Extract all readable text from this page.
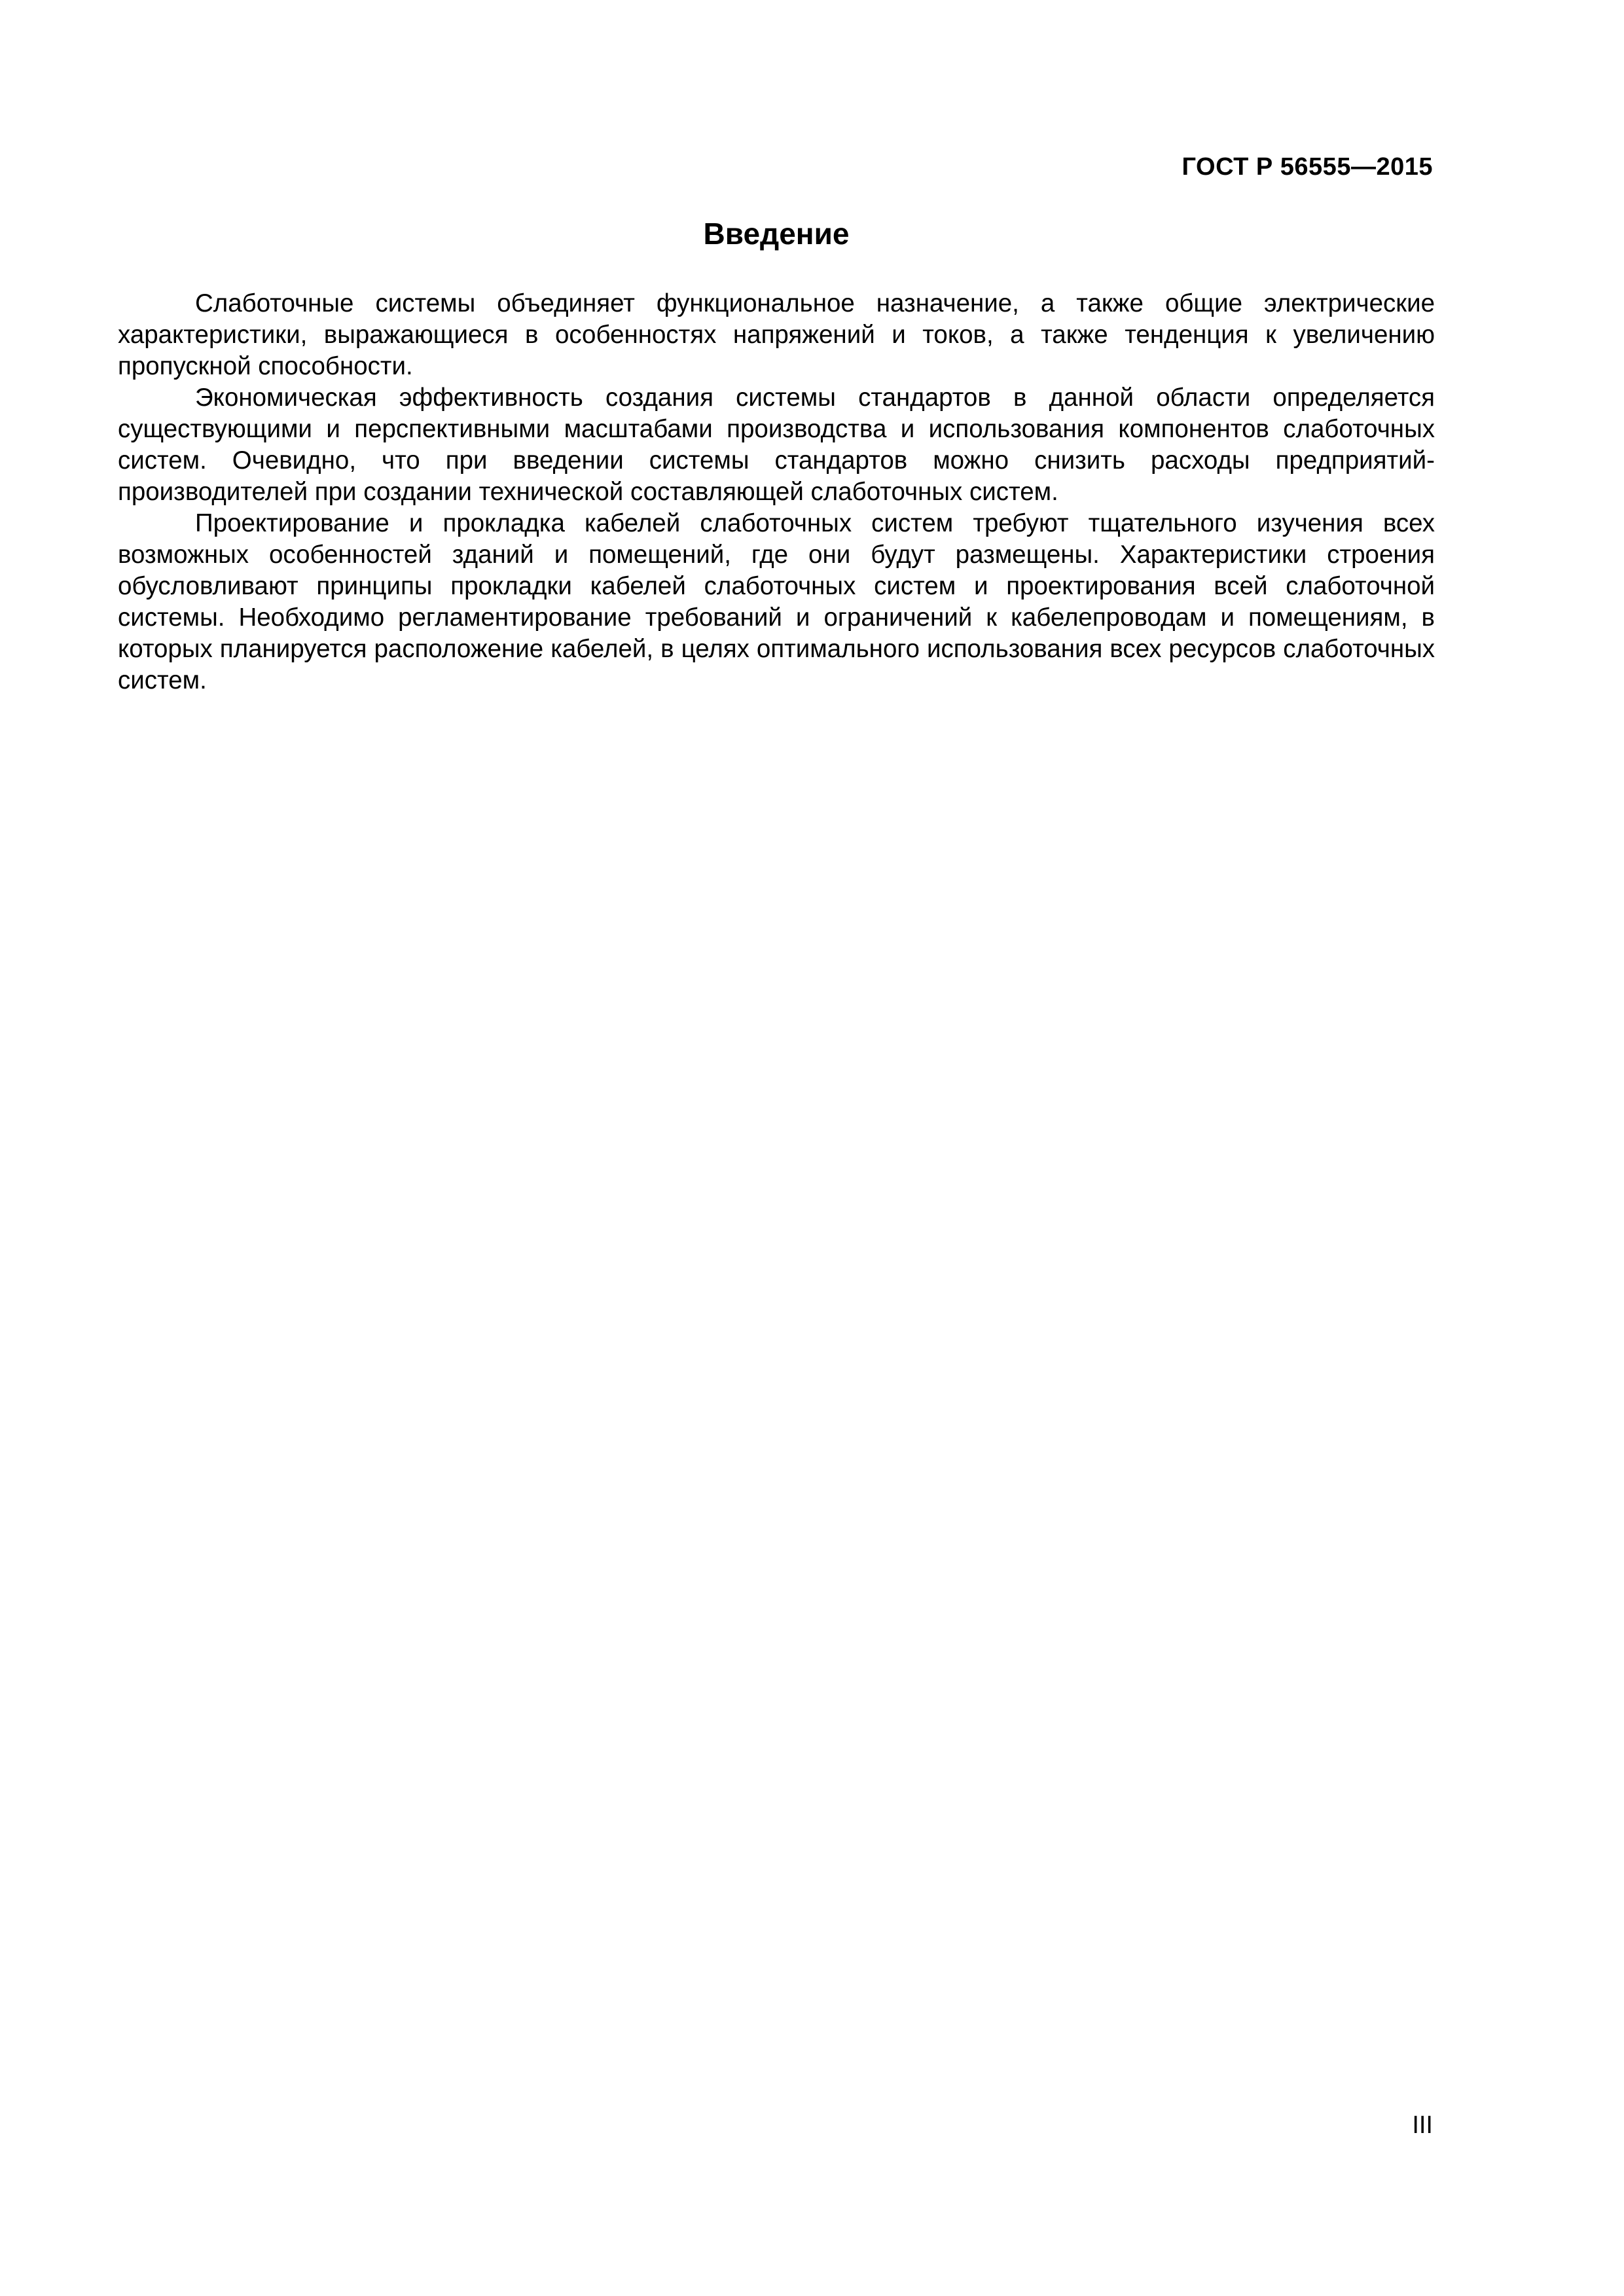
ГОСТ Р 56555—2015
Введение

Слаботочные системы объединяет функциональное назначение, а также общие электрические характеристики, выражающиеся в особенностях напряжений и токов, а также тенденция к увеличению пропускной способности.

Экономическая эффективность создания системы стандартов в данной области определяется существующими и перспективными масштабами производства и использования компонентов слаботочных систем. Очевидно, что при введении системы стандартов можно снизить расходы предприятий-производителей при создании технической составляющей слаботочных систем.

Проектирование и прокладка кабелей слаботочных систем требуют тщательного изучения всех возможных особенностей зданий и помещений, где они будут размещены. Характеристики строения обусловливают принципы прокладки кабелей слаботочных систем и проектирования всей слаботочной системы. Необходимо регламентирование требований и ограничений к кабелепроводам и помещениям, в которых планируется расположение кабелей, в целях оптимального использования всех ресурсов слаботочных систем.

III
